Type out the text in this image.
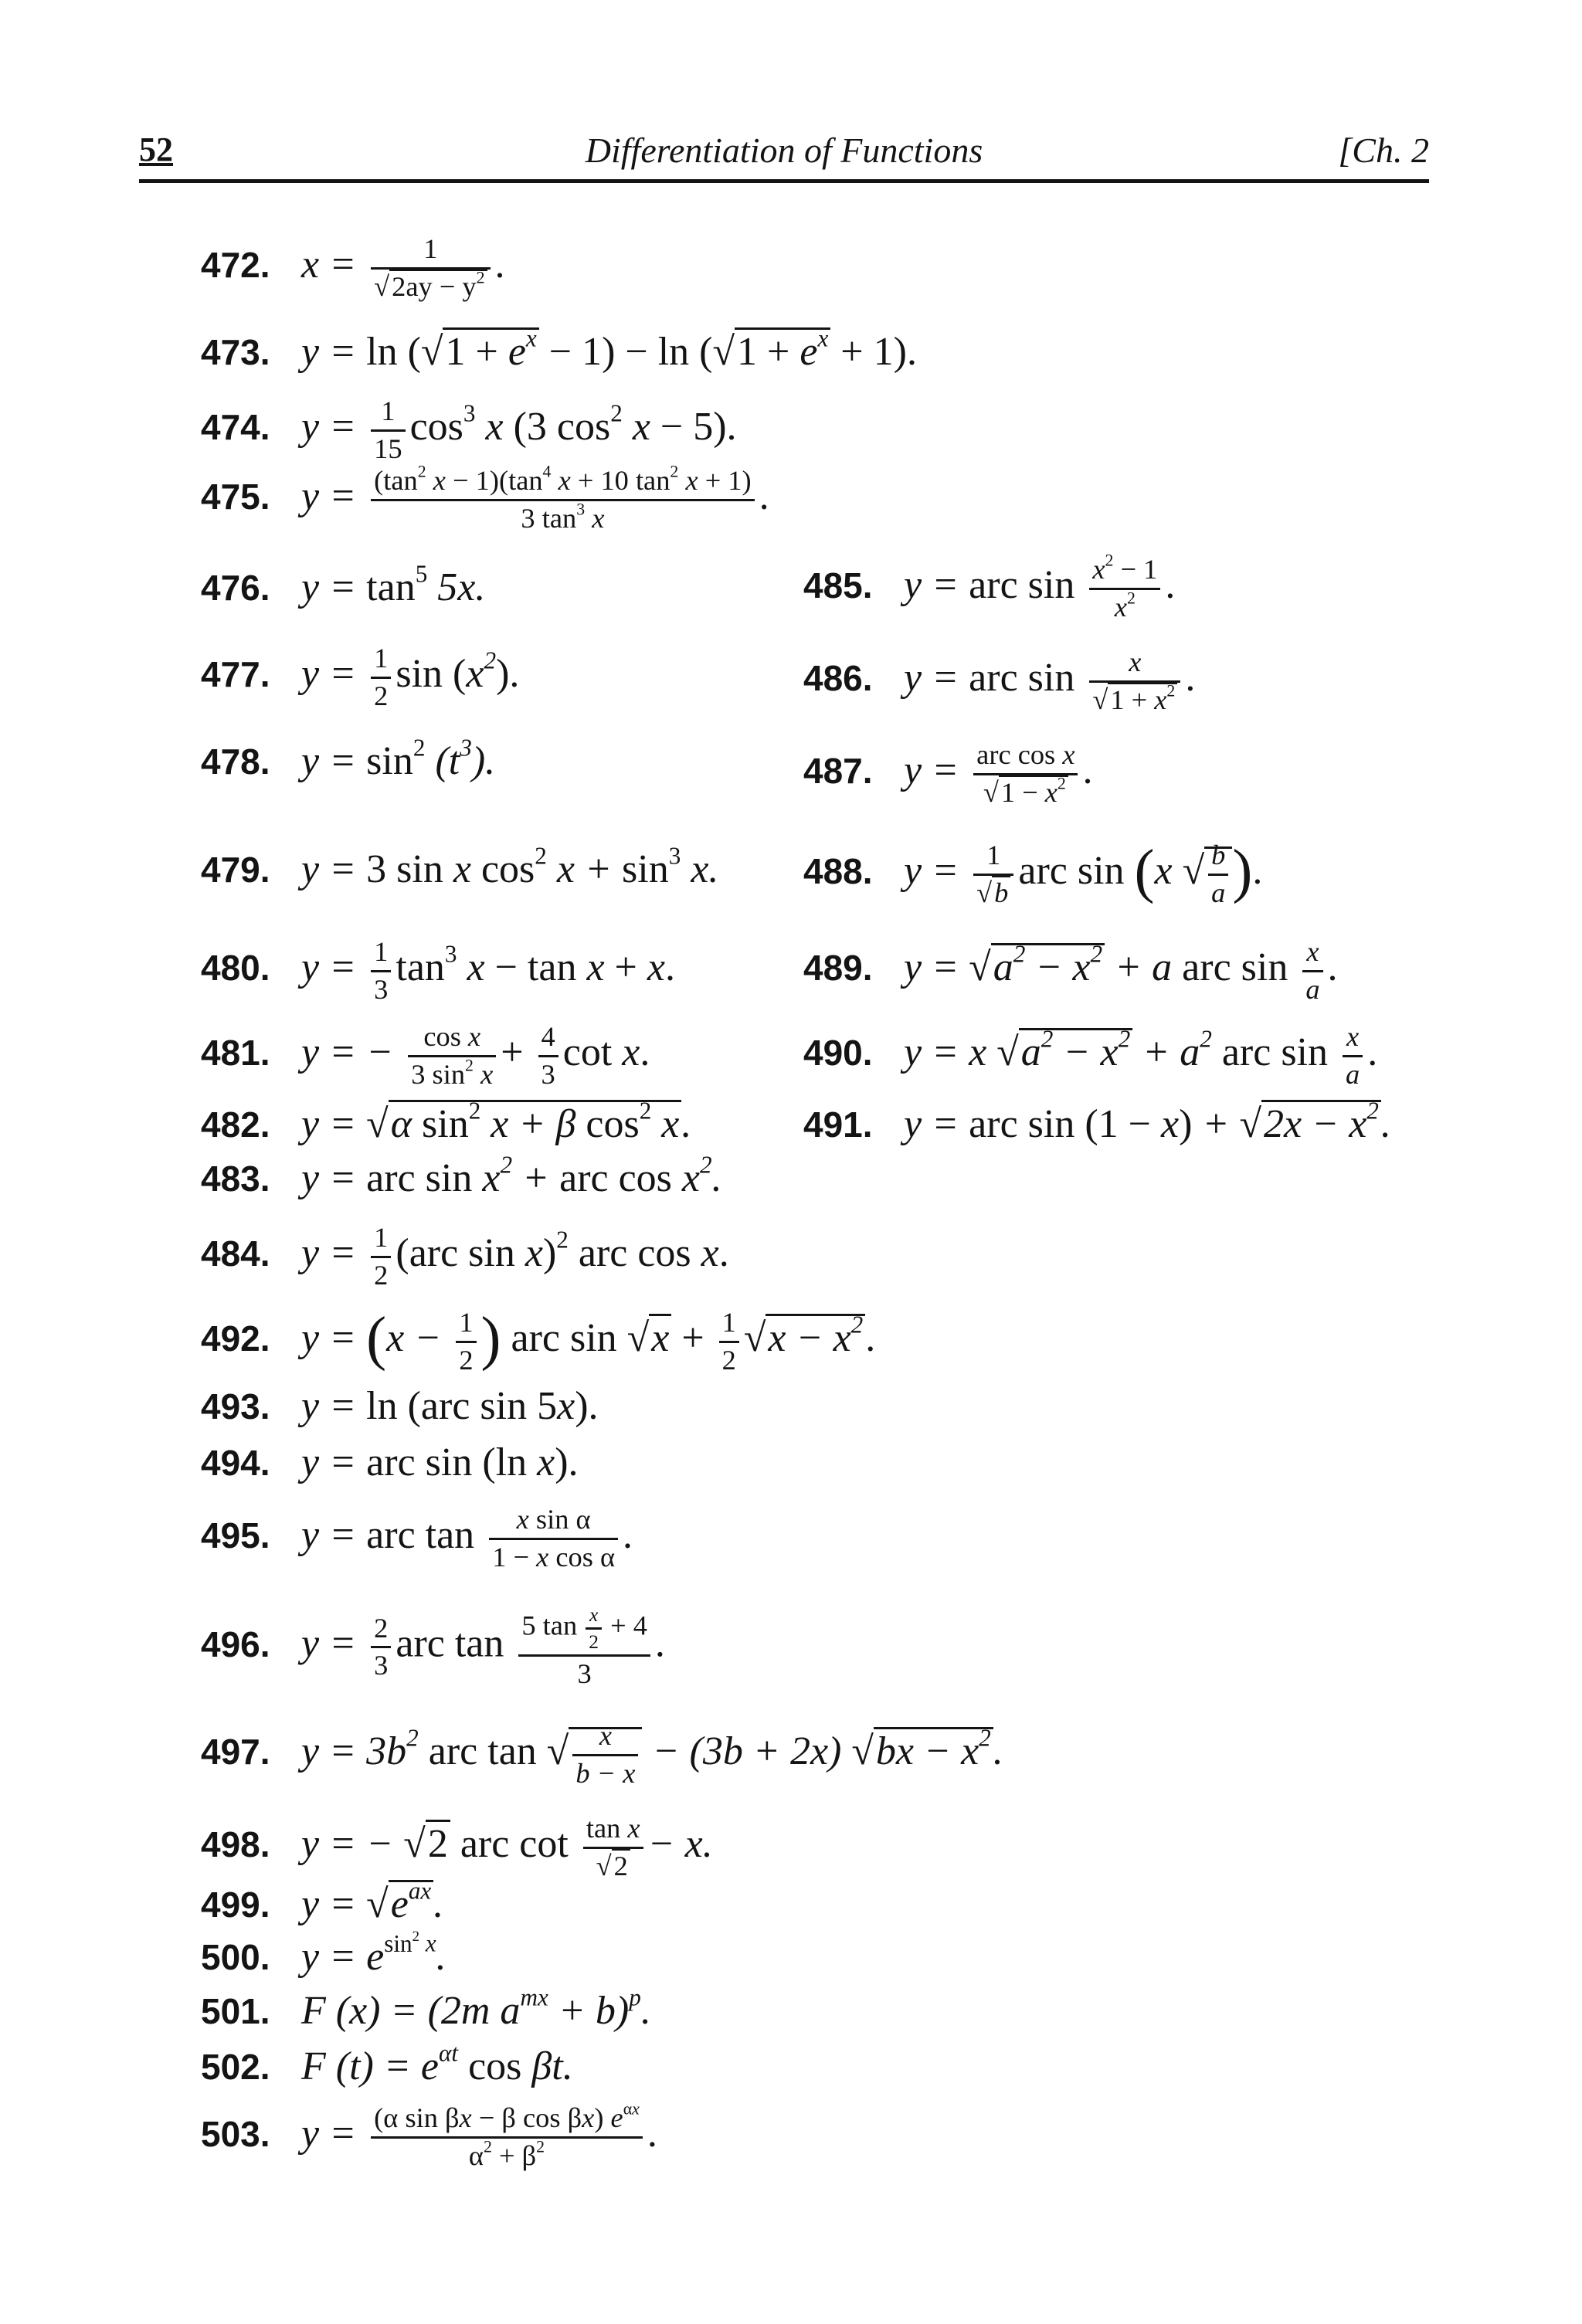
52	Differentiation of Functions	[Ch. 2
472. x = 1
√ $2ay - y^2$ .
473. y = ln ( √ $1 + e^x - 1) - \ln$ ( √ $1 + e^x + 1$).
474. $y = \frac{1}{15} \cos^3 x$ (3 $\cos^2 x - 5$).
475. $y = \frac{(\tan^2 x - 1)(\tan^4 x + 10 \tan^2 x + 1)}{3 \tan^3 x}$ .
476. $y = \tan^5 5x$.
477. $y = \frac{1}{2}$ $\sin (x^2)$.
478. $y = \sin^2 (t^3)$.
479. y = 3 sin x $\cos^2 x + \sin^3 x$.
480. $y = \frac{1}{3} \tan^3 x - \tan x + x$.
481. y = − $\frac{\text{cos x}}{3 \sin^2 x} + \frac{4}{3}$ cot x.
482. y = √ α $\sin^2 x + \beta$ $\cos^2 x$.
483. y = arc $\sin x^2$ + arc $\cos x^2$.
484. $y = \frac{1}{2} (arc$ sin x)$^2$ arc cos x.
485. y = arc $\sin \frac{x^2 - 1}{x^2}$ .
486. y = arc sin x
√ $1 + x^2$ .
487. y = arc cos x
√ $1 - x^2$ .
488. y = 1
√ b arc sin (x √ $\frac{b}{a}$ ).
489. y = √ $a^2 - x^2 + a$ arc $\sin \frac{x}{a}$ .
490. y = x √ $a^2 - x^2 + a^2$ arc $\sin \frac{x}{a}$ .
491. y = arc sin (1 − x) + √ $2x - x^2$.
492. $y = (x - \frac{1}{2}$ ) arc sin √ $x + \frac{1}{2}$ √ $x - x^2$.
493. y = ln (arc sin 5x).
494. y = arc sin (ln x).
495. y = arc $\tan \frac{\text{x sin α}}{\text{1 − x cos α}}$ .
496. $y = \frac{2}{3}$ arc $\tan \frac{5 \tan \frac{x}{2} + 4}{3}$ .
497. $y = 3b^2$ arc tan √ $\frac{x}{b - x} - (3b + 2x)$ √ bx − $x^2$.
498. y = − √ 2 arc cot tan x
√ 2 − x.
499. y = √ $e^{ax}$.
500. $y = e^{sin^2 x}$.
501. F (x) = (2m $a^{mx} + b)^p$.
502. F $(t) = e^{\alpha t}$ cos βt.
503. $y = \frac{(\alpha \sin \beta x - \beta \cos \beta x) e^{\alpha x}}{\alpha^2 + \beta^2}$ .
